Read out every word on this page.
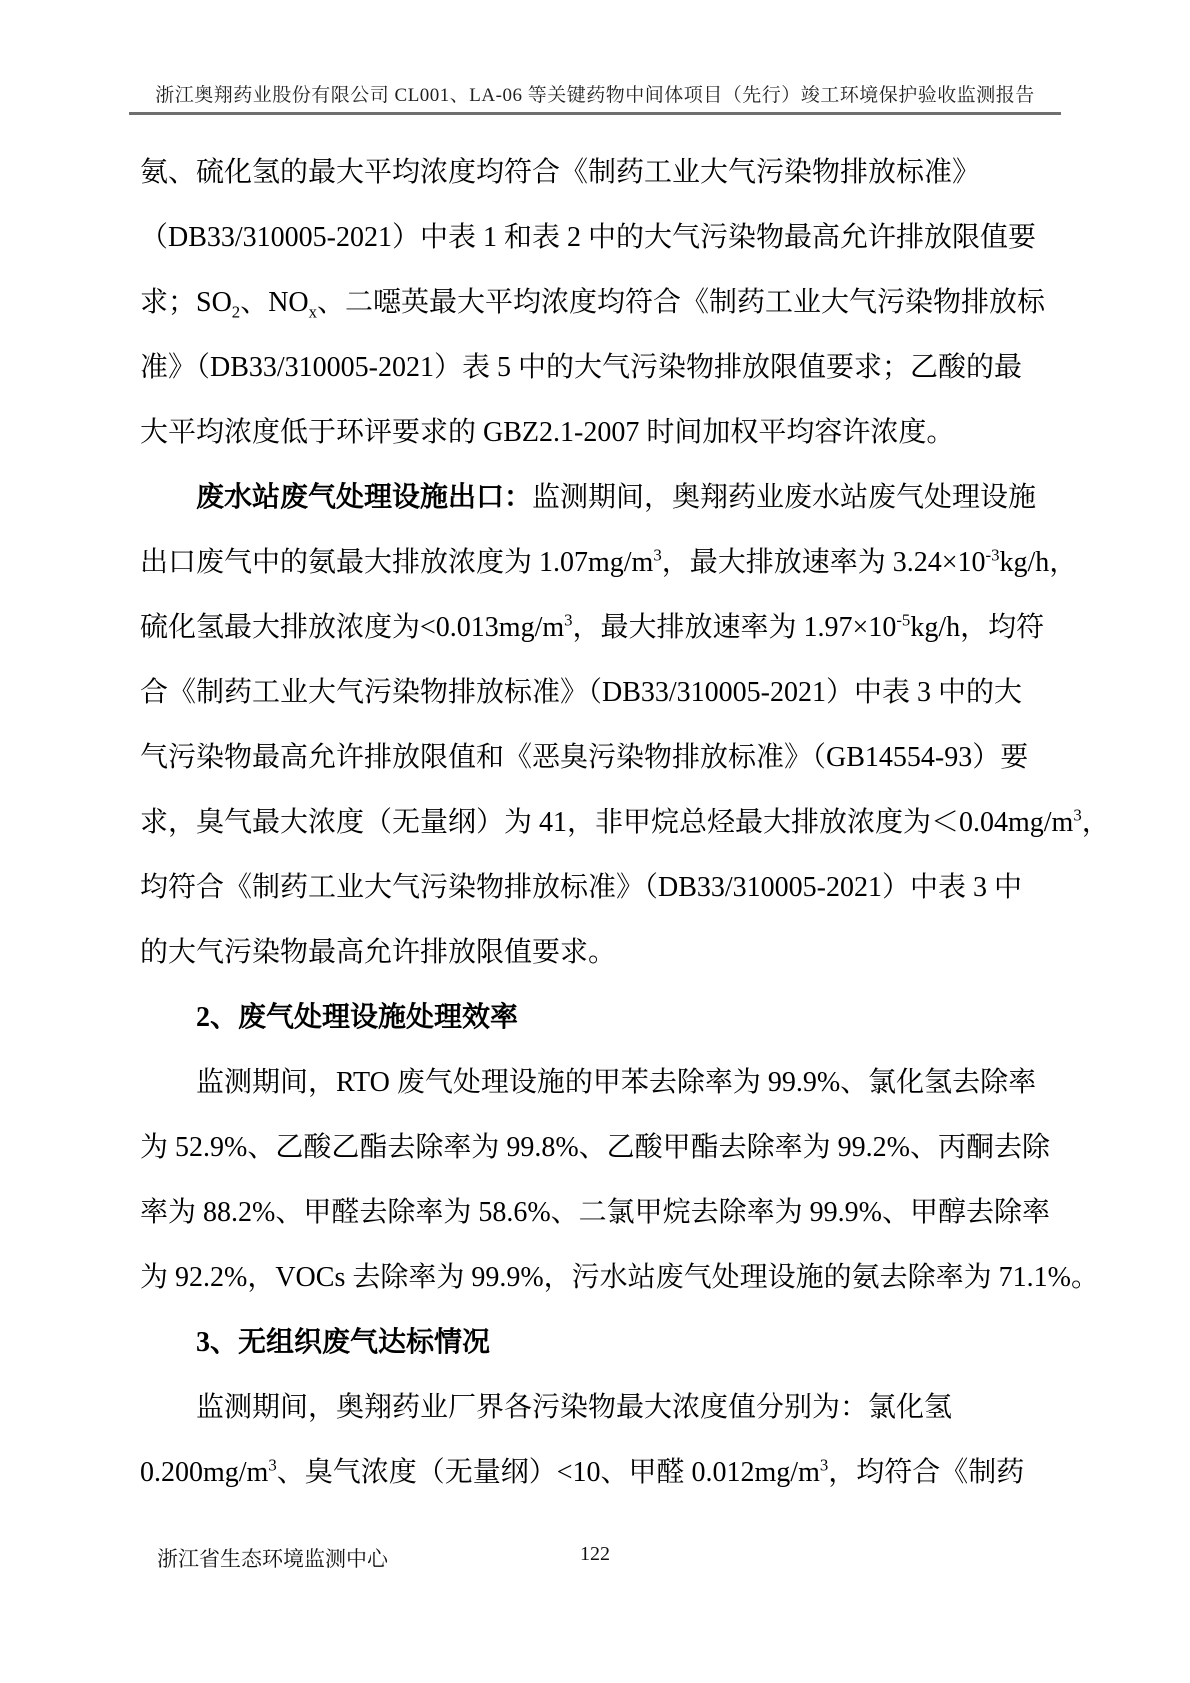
浙江奥翔药业股份有限公司 CL001、LA-06 等关键药物中间体项目（先行）竣工环境保护验收监测报告
氨、硫化氢的最大平均浓度均符合《制药工业大气污染物排放标准》
（DB33/310005-2021）中表 1 和表 2 中的大气污染物最高允许排放限值要
求；$SO_2$、$NO_x$、二噁英最大平均浓度均符合《制药工业大气污染物排放标
准》（DB33/310005-2021）表 5 中的大气污染物排放限值要求；乙酸的最
大平均浓度低于环评要求的 GBZ2.1-2007 时间加权平均容许浓度。
废水站废气处理设施出口：监测期间，奥翔药业废水站废气处理设施
出口废气中的氨最大排放浓度为 $1.07mg/m^3$，最大排放速率为 $3.24\times 10^{-3}kg/h$，
硫化氢最大排放浓度为$<0.013mg/m^3$，最大排放速率为 $1.97\times 10^{-5}kg/h$，均符
合《制药工业大气污染物排放标准》（DB33/310005-2021）中表 3 中的大
气污染物最高允许排放限值和《恶臭污染物排放标准》（GB14554-93）要
求，臭气最大浓度（无量纲）为 41，非甲烷总烃最大排放浓度为$<0.04mg/m^3$，
均符合《制药工业大气污染物排放标准》（DB33/310005-2021）中表 3 中
的大气污染物最高允许排放限值要求。
2、废气处理设施处理效率
监测期间，RTO 废气处理设施的甲苯去除率为 99.9%、氯化氢去除率
为 52.9%、乙酸乙酯去除率为 99.8%、乙酸甲酯去除率为 99.2%、丙酮去除
率为 88.2%、甲醛去除率为 58.6%、二氯甲烷去除率为 99.9%、甲醇去除率
为 92.2%，VOCs 去除率为 99.9%，污水站废气处理设施的氨去除率为 71.1%。
3、无组织废气达标情况
监测期间，奥翔药业厂界各污染物最大浓度值分别为：氯化氢
$0.200mg/m^3$、臭气浓度（无量纲）<10、甲醛 $0.012mg/m^3$，均符合《制药
浙江省生态环境监测中心	122
